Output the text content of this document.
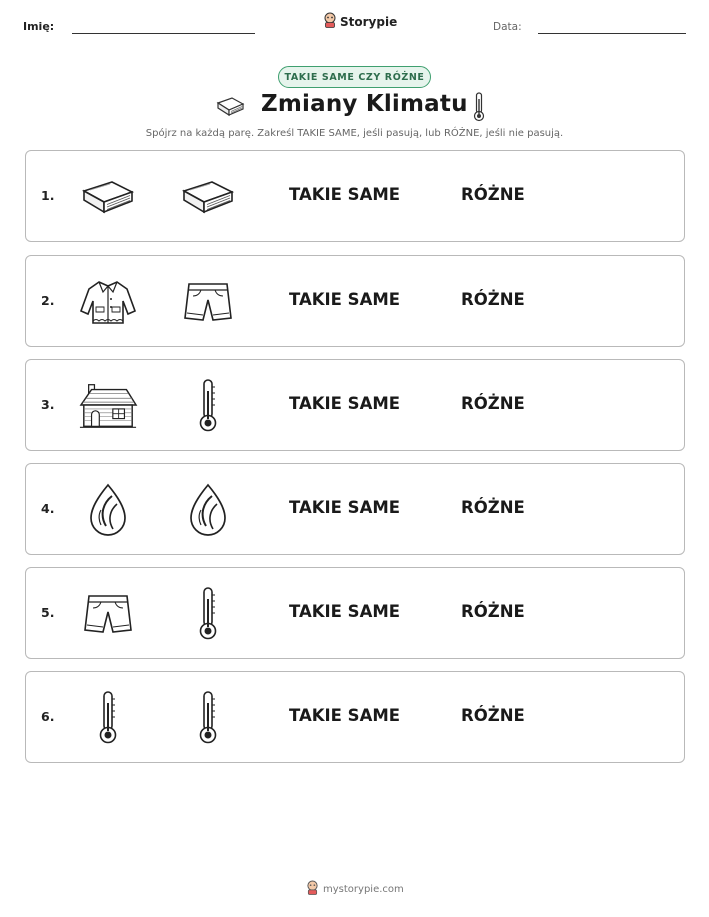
Imię:	Storypie	Data:
TAKIE SAME CZY RÓŻNE
Zmiany Klimatu
Spójrz na każdą parę. Zakreśl TAKIE SAME, jeśli pasują, lub RÓŻNE, jeśli nie pasują.
1.	TAKIE SAME	RÓŻNE
2.	TAKIE SAME	RÓŻNE
3.	TAKIE SAME	RÓŻNE
4.	TAKIE SAME	RÓŻNE
5.	TAKIE SAME	RÓŻNE
6.	TAKIE SAME	RÓŻNE
mystorypie.com
